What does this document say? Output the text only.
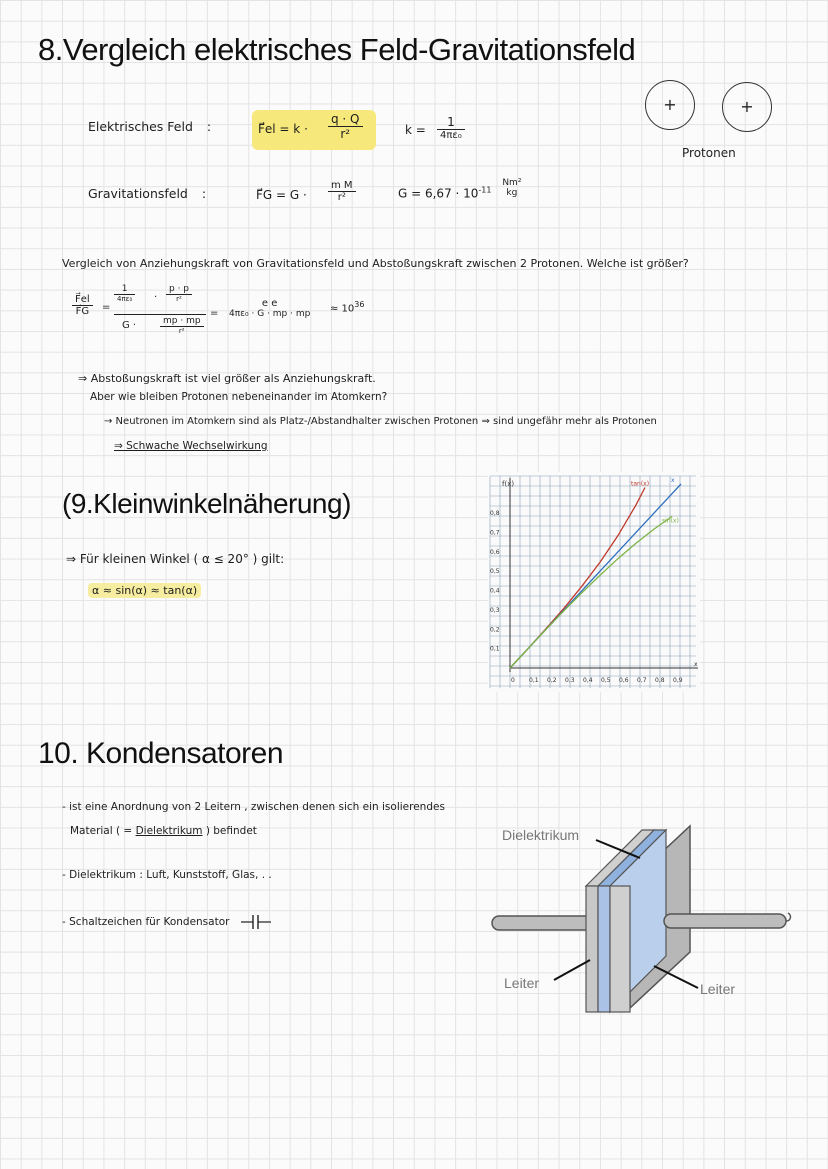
8.Vergleich elektrisches Feld-Gravitationsfeld
Elektrisches Feld :	F⃗el = $k \cdot \frac{q \cdot Q}{\text{r²}}$	k =
1
4πε₀
+	+
Protonen
Gravitationsfeld :	F⃗G = $G \cdot \frac{\text{m M}}{\text{r²}}$	$G = 6,67 \cdot 10^{-11}$
Nm²
kg
Vergleich von Anziehungskraft von Gravitationsfeld und Abstoßungskraft zwischen 2 Protonen. Welche ist größer?
$\frac{F⃗el}{F⃗G}$ =
1
4πε₀	·
p · p
r²
G ·	mp · mp
r²
=
e e
4πε₀ · G · mp · mp	≈ $10^{36}$
⇒ Abstoßungskraft ist viel größer als Anziehungskraft.
Aber wie bleiben Protonen nebeneinander im Atomkern?
→ Neutronen im Atomkern sind als Platz-/Abstandhalter zwischen Protonen ⇒ sind ungefähr mehr als Protonen
⇒ Schwache Wechselwirkung
(9.Kleinwinkelnäherung)
⇒ Für kleinen Winkel ( α ≤ 20° ) gilt:
α ≈ sin(α) ≈ tan(α)
0 0,1 0,2 0,3 0,4 0,5 0,6 0,7 0,8 0,9
0,1
0,2
0,3
0,4
0,5
0,6
0,7
0,8
f(x)
x
tan(x)	x
sin(x)
10. Kondensatoren
- ist eine Anordnung von 2 Leitern , zwischen denen sich ein isolierendes
Material ( = Dielektrikum ) befindet
- Dielektrikum : Luft, Kunststoff, Glas, . .
- Schaltzeichen für Kondensator
Dielektrikum
Leiter	Leiter
